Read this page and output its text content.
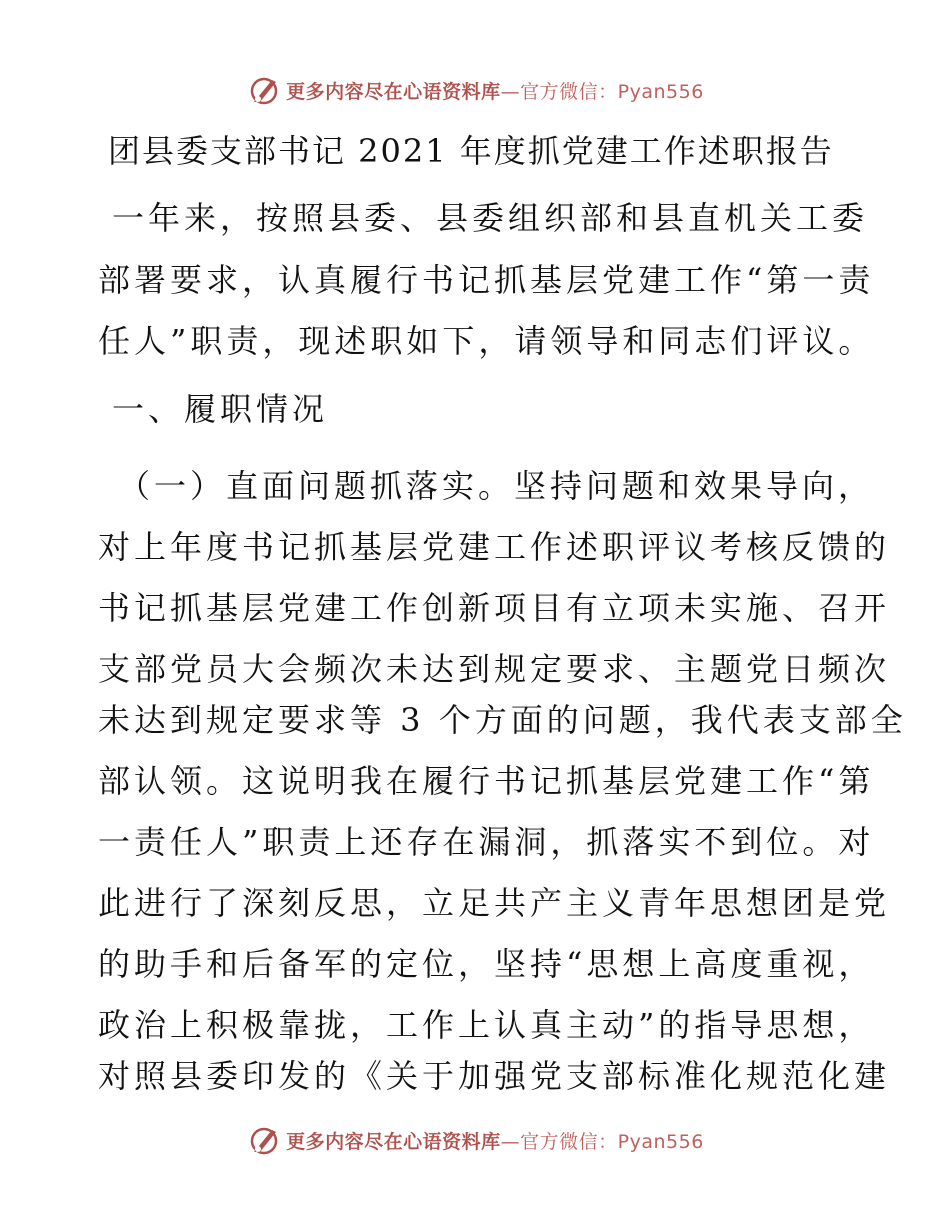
更多内容尽在心语资料库—官方微信：Pyan556
团县委支部书记 2021 年度抓党建工作述职报告
一年来，按照县委、县委组织部和县直机关工委
部署要求，认真履行书记抓基层党建工作“第一责
任人”职责，现述职如下，请领导和同志们评议。
一、履职情况
（一）直面问题抓落实。坚持问题和效果导向，
对上年度书记抓基层党建工作述职评议考核反馈的
书记抓基层党建工作创新项目有立项未实施、召开
支部党员大会频次未达到规定要求、主题党日频次
未达到规定要求等 3 个方面的问题，我代表支部全
部认领。这说明我在履行书记抓基层党建工作“第
一责任人”职责上还存在漏洞，抓落实不到位。对
此进行了深刻反思，立足共产主义青年思想团是党
的助手和后备军的定位，坚持“思想上高度重视，
政治上积极靠拢，工作上认真主动”的指导思想，
对照县委印发的《关于加强党支部标准化规范化建
更多内容尽在心语资料库—官方微信：Pyan556
